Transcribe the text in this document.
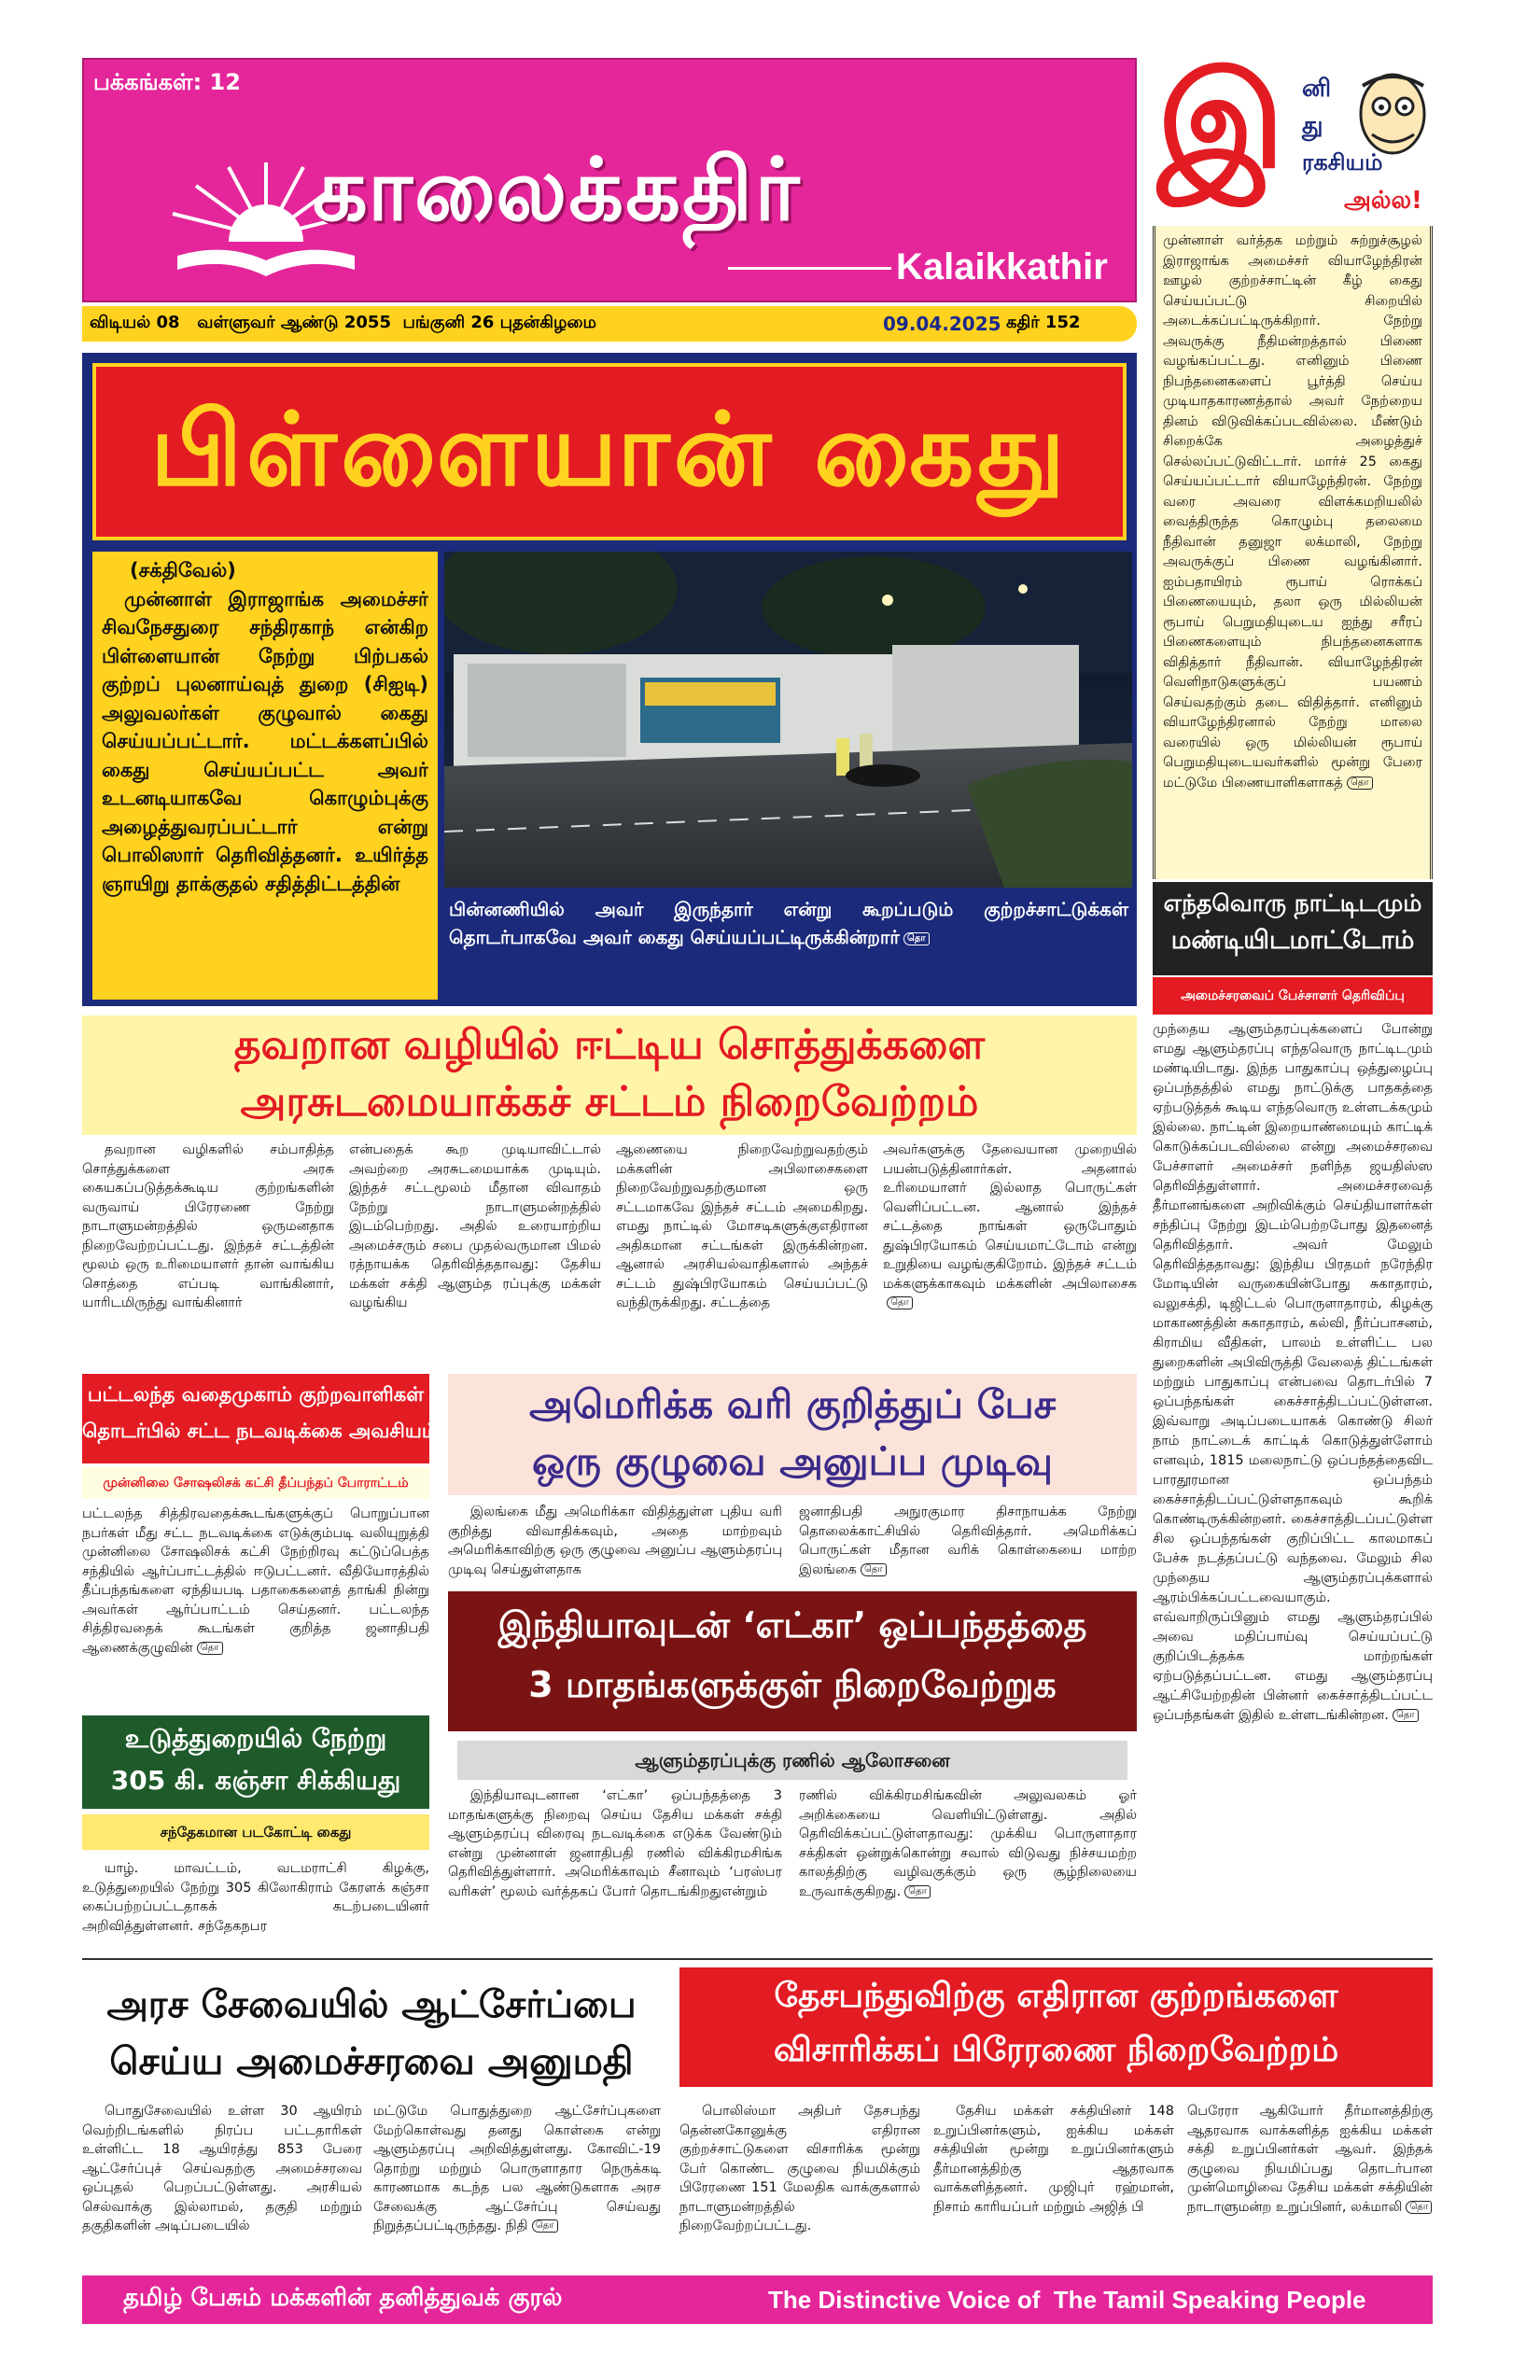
பக்கங்கள்: 12
காலைக்கதிர்
Kalaikkathir
விடியல் 08   வள்ளுவர் ஆண்டு 2055  பங்குனி 26 புதன்கிழமை	09.04.2025 கதிர் 152
இ னி
து
ரகசியம்
அல்ல!
முன்னாள் வர்த்தக மற்றும் சுற்றுச்சூழல் இராஜாங்க அமைச்சர் வியாழேந்திரன் ஊழல் குற்றச்சாட்டின் கீழ் கைது செய்யப்பட்டு சிறையில் அடைக்கப்பட்டிருக்கிறார். நேற்று அவருக்கு நீதிமன்றத்தால் பிணை வழங்கப்பட்டது. எனினும் பிணை நிபந்தனைகளைப் பூர்த்தி செய்ய முடியாதகாரணத்தால் அவர் நேற்றைய தினம் விடுவிக்கப்படவில்லை. மீண்டும் சிறைக்கே அழைத்துச் செல்லப்பட்டுவிட்டார். மார்ச் 25 கைது செய்யப்பட்டார் வியாழேந்திரன். நேற்று வரை அவரை விளக்கமறியலில் வைத்திருந்த கொழும்பு தலைமை நீதிவான் தனுஜா லக்மாலி, நேற்று அவருக்குப் பிணை வழங்கினார். ஐம்பதாயிரம் ரூபாய் ரொக்கப் பிணையையும், தலா ஒரு மில்லியன் ரூபாய் பெறுமதியுடைய ஐந்து சரீரப் பிணைகளையும் நிபந்தனைகளாக விதித்தார் நீதிவான். வியாழேந்திரன் வெளிநாடுகளுக்குப் பயணம் செய்வதற்கும் தடை விதித்தார். எனினும் வியாழேந்திரனால் நேற்று மாலை வரையில் ஒரு மில்லியன் ரூபாய் பெறுமதியுடையவர்களில் மூன்று பேரை மட்டுமே பிணையாளிகளாகத் தொ
பிள்ளையான் கைது
(சக்திவேல்)

முன்னாள் இராஜாங்க அமைச்சர் சிவநேசதுரை சந்திரகாந் என்கிற பிள்ளையான் நேற்று பிற்பகல் குற்றப் புலனாய்வுத் துறை (சிஐடி) அலுவலர்கள் குழுவால் கைது செய்யப்பட்டார். மட்டக்களப்பில் கைது செய்யப்பட்ட அவர் உடனடியாகவே கொழும்புக்கு அழைத்துவரப்பட்டார் என்று பொலிஸார் தெரிவித்தனர். உயிர்த்த ஞாயிறு தாக்குதல் சதித்திட்டத்தின்

பின்னணியில் அவர் இருந்தார் என்று கூறப்படும் குற்றச்சாட்டுக்கள் தொடர்பாகவே அவர் கைது செய்யப்பட்டிருக்கின்றார் தொ
எந்தவொரு நாட்டிடமும்
மண்டியிடமாட்டோம்
அமைச்சரவைப் பேச்சாளர் தெரிவிப்பு
முந்தைய ஆளும்தரப்புக்களைப் போன்று எமது ஆளும்தரப்பு எந்தவொரு நாட்டிடமும் மண்டியிடாது. இந்த பாதுகாப்பு ஒத்துழைப்பு ஒப்பந்தத்தில் எமது நாட்டுக்கு பாதகத்தை ஏற்படுத்தக் கூடிய எந்தவொரு உள்ளடக்கமும் இல்லை. நாட்டின் இறையாண்மையும் காட்டிக் கொடுக்கப்படவில்லை என்று அமைச்சரவை பேச்சாளர் அமைச்சர் நளிந்த ஜயதிஸ்ஸ தெரிவித்துள்ளார். அமைச்சரவைத் தீர்மானங்களை அறிவிக்கும் செய்தியாளர்கள் சந்திப்பு நேற்று இடம்பெற்றபோது இதனைத் தெரிவித்தார். அவர் மேலும் தெரிவித்ததாவது: இந்திய பிரதமர் நரேந்திர மோடியின் வருகையின்போது சுகாதாரம், வலுசக்தி, டிஜிட்டல் பொருளாதாரம், கிழக்கு மாகாணத்தின் சுகாதாரம், கல்வி, நீர்ப்பாசனம், கிராமிய வீதிகள், பாலம் உள்ளிட்ட பல துறைகளின் அபிவிருத்தி வேலைத் திட்டங்கள் மற்றும் பாதுகாப்பு என்பவை தொடர்பில் 7 ஒப்பந்தங்கள் கைச்சாத்திடப்பட்டுள்ளன. இவ்வாறு அடிப்படையாகக் கொண்டு சிலர் நாம் நாட்டைக் காட்டிக் கொடுத்துள்ளோம் எனவும், 1815 மலைநாட்டு ஒப்பந்தத்தைவிட பாரதூரமான ஒப்பந்தம் கைச்சாத்திடப்பட்டுள்ளதாகவும் கூறிக் கொண்டிருக்கின்றனர். கைச்சாத்திடப்பட்டுள்ள சில ஒப்பந்தங்கள் குறிப்பிட்ட காலமாகப் பேச்சு நடத்தப்பட்டு வந்தவை. மேலும் சில முந்தைய ஆளும்தரப்புக்களால் ஆரம்பிக்கப்பட்டவையாகும். எவ்வாறிருப்பினும் எமது ஆளும்தரப்பில் அவை மதிப்பாய்வு செய்யப்பட்டு குறிப்பிடத்தக்க மாற்றங்கள் ஏற்படுத்தப்பட்டன. எமது ஆளும்தரப்பு ஆட்சியேற்றதின் பின்னர் கைச்சாத்திடப்பட்ட ஒப்பந்தங்கள் இதில் உள்ளடங்கின்றன. தொ
தவறான வழியில் ஈட்டிய சொத்துக்களை
அரசுடமையாக்கச் சட்டம் நிறைவேற்றம்

தவறான வழிகளில் சம்பாதித்த சொத்துக்களை அரசு கையகப்படுத்தக்கூடிய குற்றங்களின் வருவாய் பிரேரணை நேற்று நாடாளுமன்றத்தில் ஒருமனதாக நிறைவேற்றப்பட்டது. இந்தச் சட்டத்தின் மூலம் ஒரு உரிமையாளர் தான் வாங்கிய சொத்தை எப்படி வாங்கினார், யாரிடமிருந்து வாங்கினார்

என்பதைக் கூற முடியாவிட்டால் அவற்றை அரசுடமையாக்க முடியும். இந்தச் சட்டமூலம் மீதான விவாதம் நேற்று நாடாளுமன்றத்தில் இடம்பெற்றது. அதில் உரையாற்றிய அமைச்சரும் சபை முதல்வருமான பிமல் ரத்நாயக்க தெரிவித்ததாவது: தேசிய மக்கள் சக்தி ஆளும்த ரப்புக்கு மக்கள் வழங்கிய
ஆணையை நிறைவேற்றுவதற்கும் மக்களின் அபிலாசைகளை நிறைவேற்றுவதற்குமான ஒரு சட்டமாகவே இந்தச் சட்டம் அமைகிறது. எமது நாட்டில் மோசடிகளுக்குஎதிரான அதிகமான சட்டங்கள் இருக்கின்றன. ஆனால் அரசியல்வாதிகளால் அந்தச் சட்டம் துஷ்பிரயோகம் செய்யப்பட்டு வந்திருக்கிறது. சட்டத்தை
அவர்களுக்கு தேவையான முறையில் பயன்படுத்தினார்கள். அதனால் உரிமையாளர் இல்லாத பொருட்கள் வெளிப்பட்டன. ஆனால் இந்தச் சட்டத்தை நாங்கள் ஒருபோதும் துஷ்பிரயோகம் செய்யமாட்டோம் என்று உறுதியை வழங்குகிறோம். இந்தச் சட்டம் மக்களுக்காகவும் மக்களின் அபிலாசைகதொ
பட்டலந்த வதைமுகாம் குற்றவாளிகள்
தொடர்பில் சட்ட நடவடிக்கை அவசியம்
முன்னிலை சோஷலிசக் கட்சி தீப்பந்தப் போராட்டம்
பட்டலந்த சித்திரவதைக்கூடங்களுக்குப் பொறுப்பான நபர்கள் மீது சட்ட நடவடிக்கை எடுக்கும்படி வலியுறுத்தி முன்னிலை சோஷலிசக் கட்சி நேற்றிரவு கட்டுப்பெத்த சந்தியில் ஆர்ப்பாட்டத்தில் ஈடுபட்டனர். வீதியோரத்தில் தீப்பந்தங்களை ஏந்தியபடி பதாகைகளைத் தாங்கி நின்று அவர்கள் ஆர்ப்பாட்டம் செய்தனர். பட்டலந்த சித்திரவதைக் கூடங்கள் குறித்த ஜனாதிபதி ஆணைக்குழுவின் தொ
அமெரிக்க வரி குறித்துப் பேச
ஒரு குழுவை அனுப்ப முடிவு

இலங்கை மீது அமெரிக்கா விதித்துள்ள புதிய வரி குறித்து விவாதிக்கவும், அதை மாற்றவும் அமெரிக்காவிற்கு ஒரு குழுவை அனுப்ப ஆளும்தரப்பு முடிவு செய்துள்ளதாக

ஜனாதிபதி அநுரகுமார திசாநாயக்க நேற்று தொலைக்காட்சியில் தெரிவித்தார். அமெரிக்கப் பொருட்கள் மீதான வரிக் கொள்கையை மாற்ற இலங்கை தொ
உடுத்துறையில் நேற்று
305 கி. கஞ்சா சிக்கியது
சந்தேகமான படகோட்டி கைது

யாழ். மாவட்டம், வடமராட்சி கிழக்கு, உடுத்துறையில் நேற்று 305 கிலோகிராம் கேரளக் கஞ்சா கைப்பற்றப்பட்டதாகக் கடற்படையினர் அறிவித்துள்ளனர். சந்தேகநபர

இந்தியாவுடன் ‘எட்கா’ ஒப்பந்தத்தை
3 மாதங்களுக்குள் நிறைவேற்றுக
ஆளும்தரப்புக்கு ரணில் ஆலோசனை

இந்தியாவுடனான ‘எட்கா’ ஒப்பந்தத்தை 3 மாதங்களுக்கு நிறைவு செய்ய தேசிய மக்கள் சக்தி ஆளும்தரப்பு விரைவு நடவடிக்கை எடுக்க வேண்டும் என்று முன்னாள் ஜனாதிபதி ரணில் விக்கிரமசிங்க தெரிவித்துள்ளார். அமெரிக்காவும் சீனாவும் ‘பரஸ்பர வரிகள்’ மூலம் வர்த்தகப் போர் தொடங்கிறதுஎன்றும்

ரணில் விக்கிரமசிங்கவின் அலுவலகம் ஓர் அறிக்கையை வெளியிட்டுள்ளது. அதில் தெரிவிக்கப்பட்டுள்ளதாவது: முக்கிய பொருளாதார சக்திகள் ஒன்றுக்கொன்று சவால் விடுவது நிச்சயமற்ற காலத்திற்கு வழிவகுக்கும் ஒரு சூழ்நிலையை உருவாக்குகிறது. தொ
அரச சேவையில் ஆட்சேர்ப்பை
செய்ய அமைச்சரவை அனுமதி

பொதுசேவையில் உள்ள 30 ஆயிரம் வெற்றிடங்களில் நிரப்ப பட்டதாரிகள் உள்ளிட்ட 18 ஆயிரத்து 853 பேரை ஆட்சேர்ப்புச் செய்வதற்கு அமைச்சரவை ஒப்புதல் பெறப்பட்டுள்ளது. அரசியல் செல்வாக்கு இல்லாமல், தகுதி மற்றும் தகுதிகளின் அடிப்படையில்

மட்டுமே பொதுத்துறை ஆட்சேர்ப்புகளை மேற்கொள்வது தனது கொள்கை என்று ஆளும்தரப்பு அறிவித்துள்ளது. கோவிட்-19 தொற்று மற்றும் பொருளாதார நெருக்கடி காரணமாக கடந்த பல ஆண்டுகளாக அரச சேவைக்கு ஆட்சேர்ப்பு செய்வது நிறுத்தப்பட்டிருந்தது. நிதி தொ
தேசபந்துவிற்கு எதிரான குற்றங்களை
விசாரிக்கப் பிரேரணை நிறைவேற்றம்

பொலிஸ்மா அதிபர் தேசபந்து தென்னகோனுக்கு எதிரான குற்றச்சாட்டுகளை விசாரிக்க மூன்று பேர் கொண்ட குழுவை நியமிக்கும் பிரேரணை 151 மேலதிக வாக்குகளால் நாடாளுமன்றத்தில் நிறைவேற்றப்பட்டது.

தேசிய மக்கள் சக்தியினர் 148 உறுப்பினர்களும், ஐக்கிய மக்கள் சக்தியின் மூன்று உறுப்பினர்களும் தீர்மானத்திற்கு ஆதரவாக வாக்களித்தனர். முஜிபுர் ரஹ்மான், நிசாம் காரியப்பர் மற்றும் அஜித் பி

பெரேரா ஆகியோர் தீர்மானத்திற்கு ஆதரவாக வாக்களித்த ஐக்கிய மக்கள் சக்தி உறுப்பினர்கள் ஆவர். இந்தக் குழுவை நியமிப்பது தொடர்பான முன்மொழிவை தேசிய மக்கள் சக்தியின் நாடாளுமன்ற உறுப்பினர், லக்மாலி தொ
தமிழ் பேசும் மக்களின் தனித்துவக் குரல்	The Distinctive Voice of  The Tamil Speaking People
